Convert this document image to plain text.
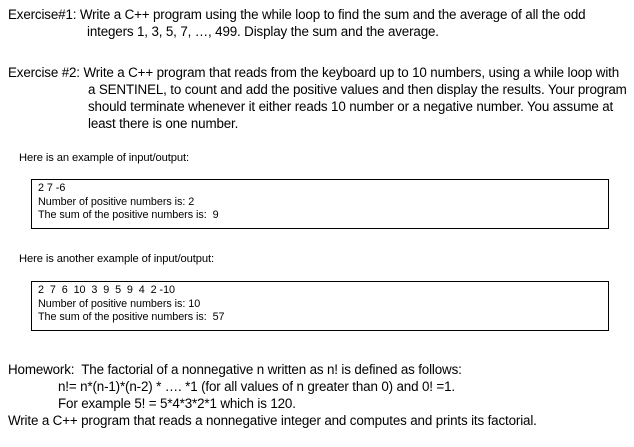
Exercise#1: Write a C++ program using the while loop to find the sum and the average of all the odd integers 1, 3, 5, 7, …, 499. Display the sum and the average.
Exercise #2: Write a C++ program that reads from the keyboard up to 10 numbers, using a while loop with a SENTINEL, to count and add the positive values and then display the results. Your program should terminate whenever it either reads 10 number or a negative number. You assume at least there is one number.
Here is an example of input/output:
2 7 -6
Number of positive numbers is: 2
The sum of the positive numbers is:  9
Here is another example of input/output:
2  7  6  10  3  9  5  9  4  2 -10
Number of positive numbers is: 10
The sum of the positive numbers is:  57
Homework:  The factorial of a nonnegative n written as n! is defined as follows:
n!= n*(n-1)*(n-2) * …. *1 (for all values of n greater than 0) and 0! =1.
For example 5! = 5*4*3*2*1 which is 120.
Write a C++ program that reads a nonnegative integer and computes and prints its factorial.
